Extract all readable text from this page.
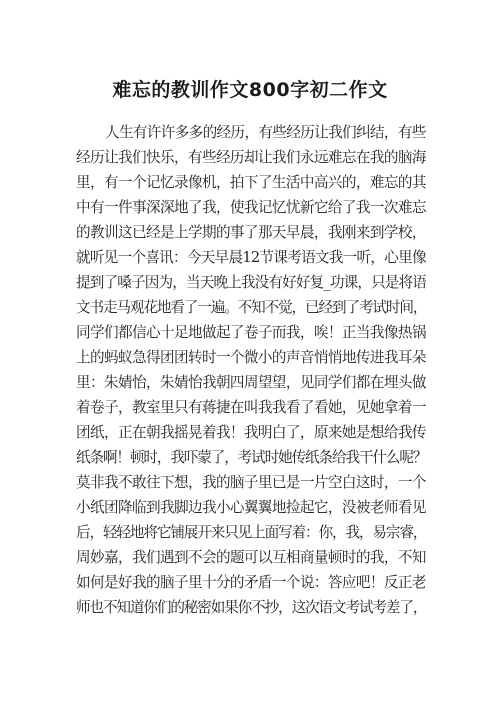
难忘的教训作文800字初二作文
人生有许许多多的经历，有些经历让我们纠结，有些
经历让我们快乐，有些经历却让我们永远难忘在我的脑海
里，有一个记忆录像机，拍下了生活中高兴的，难忘的其
中有一件事深深地了我，使我记忆忧新它给了我一次难忘
的教训这已经是上学期的事了那天早晨，我刚来到学校，
就听见一个喜讯：今天早晨12节课考语文我一听，心里像
提到了嗓子因为，当天晚上我没有好好复_功课，只是将语
文书走马观花地看了一遍。不知不觉，已经到了考试时间，
同学们都信心十足地做起了卷子而我，唉！正当我像热锅
上的蚂蚁急得团团转时一个微小的声音悄悄地传进我耳朵
里：朱婧怡，朱婧怡我朝四周望望，见同学们都在埋头做
着卷子，教室里只有蒋捷在叫我我看了看她，见她拿着一
团纸，正在朝我摇晃着我！我明白了，原来她是想给我传
纸条啊！顿时，我吓蒙了，考试时她传纸条给我干什么呢？
莫非我不敢往下想，我的脑子里已是一片空白这时，一个
小纸团降临到我脚边我小心翼翼地捡起它，没被老师看见
后，轻轻地将它铺展开来只见上面写着：你，我，易宗睿，
周妙嘉，我们遇到不会的题可以互相商量顿时的我，不知
如何是好我的脑子里十分的矛盾一个说：答应吧！反正老
师也不知道你们的秘密如果你不抄，这次语文考试考差了，
